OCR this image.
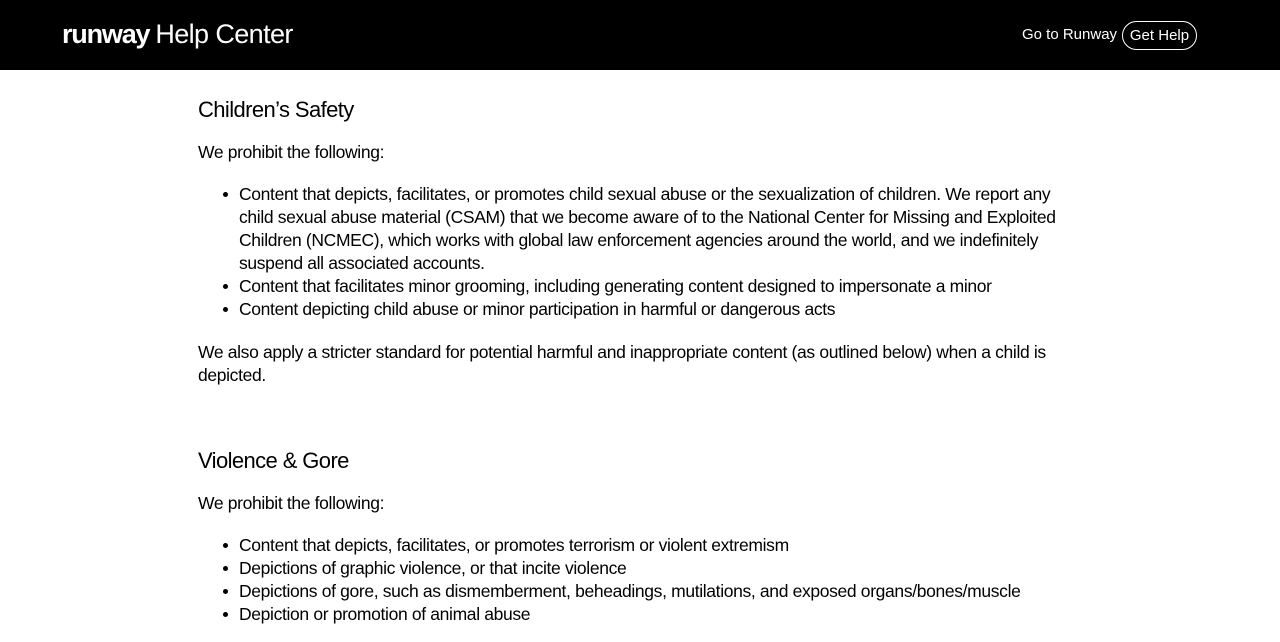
runway Help Center	Go to Runway Get Help
Children’s Safety

We prohibit the following:

Content that depicts, facilitates, or promotes child sexual abuse or the sexualization of children. We report any child sexual abuse material (CSAM) that we become aware of to the National Center for Missing and Exploited Children (NCMEC), which works with global law enforcement agencies around the world, and we indefinitely suspend all associated accounts.
Content that facilitates minor grooming, including generating content designed to impersonate a minor
Content depicting child abuse or minor participation in harmful or dangerous acts

We also apply a stricter standard for potential harmful and inappropriate content (as outlined below) when a child is depicted.

Violence & Gore

We prohibit the following:

Content that depicts, facilitates, or promotes terrorism or violent extremism
Depictions of graphic violence, or that incite violence
Depictions of gore, such as dismemberment, beheadings, mutilations, and exposed organs/bones/muscle
Depiction or promotion of animal abuse
